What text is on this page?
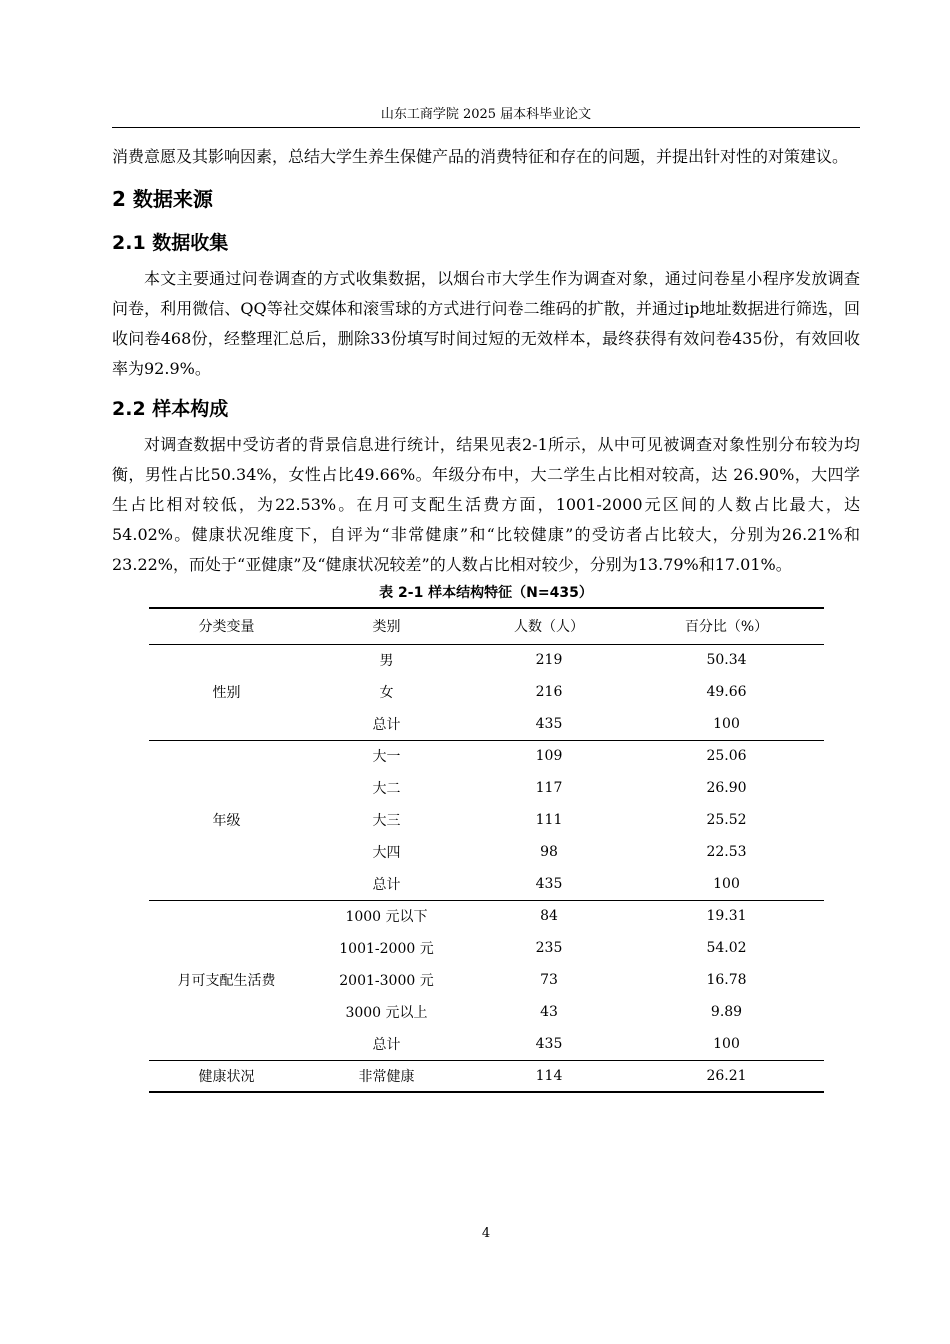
山东工商学院 2025 届本科毕业论文

消费意愿及其影响因素，总结大学生养生保健产品的消费特征和存在的问题，并提出针对性的对策建议。

2 数据来源
2.1 数据收集

本文主要通过问卷调查的方式收集数据，以烟台市大学生作为调查对象，通过问卷星小程序发放调查问卷，利用微信、QQ等社交媒体和滚雪球的方式进行问卷二维码的扩散，并通过ip地址数据进行筛选，回收问卷468份，经整理汇总后，删除33份填写时间过短的无效样本，最终获得有效问卷435份，有效回收率为92.9%。

2.2 样本构成

对调查数据中受访者的背景信息进行统计，结果见表2-1所示，从中可见被调查对象性别分布较为均衡，男性占比50.34%，女性占比49.66%。年级分布中，大二学生占比相对较高，达 26.90%，大四学生占比相对较低，为22.53%。在月可支配生活费方面，1001-2000元区间的人数占比最大，达54.02%。健康状况维度下，自评为“非常健康”和“比较健康”的受访者占比较大，分别为26.21%和23.22%，而处于“亚健康”及“健康状况较差”的人数占比相对较少，分别为13.79%和17.01%。

表 2-1 样本结构特征（N=435）
分类变量	类别	人数（人）	百分比（%）
性别	男	219	50.34
	女	216	49.66
	总计	435	100
年级	大一	109	25.06
	大二	117	26.90
	大三	111	25.52
	大四	98	22.53
	总计	435	100
月可支配生活费	1000 元以下	84	19.31
	1001-2000 元	235	54.02
	2001-3000 元	73	16.78
	3000 元以上	43	9.89
	总计	435	100
健康状况	非常健康	114	26.21
4
